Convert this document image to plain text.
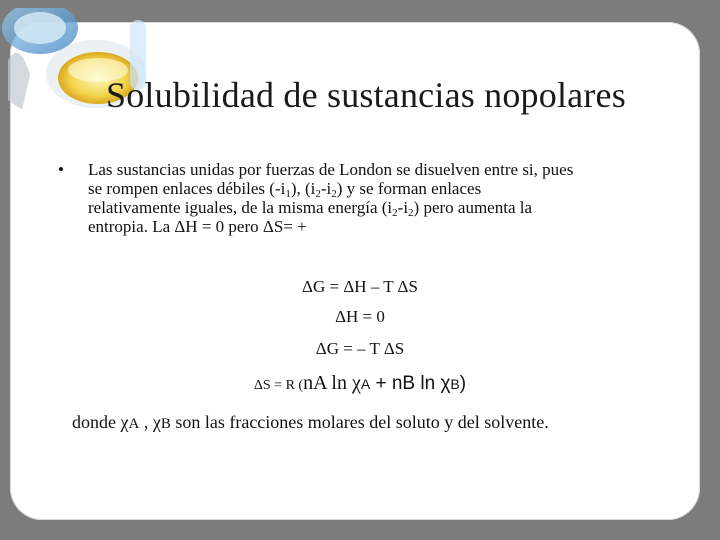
Solubilidad de sustancias nopolares
• Las sustancias unidas por fuerzas de London se disuelven entre si, pues
se rompen enlaces débiles $(-i_1)$, $(i_2-i_2)$ y se forman enlaces
relativamente iguales, de la misma energía $(i_2-i_2)$ pero aumenta la
entropia. La ΔH = 0 pero ΔS= +
ΔG = ΔH – T ΔS
ΔH = 0
ΔG = – T ΔS
ΔS = R (nA ln χA + nB ln χB)
donde χA , χB son las fracciones molares del soluto y del solvente.
